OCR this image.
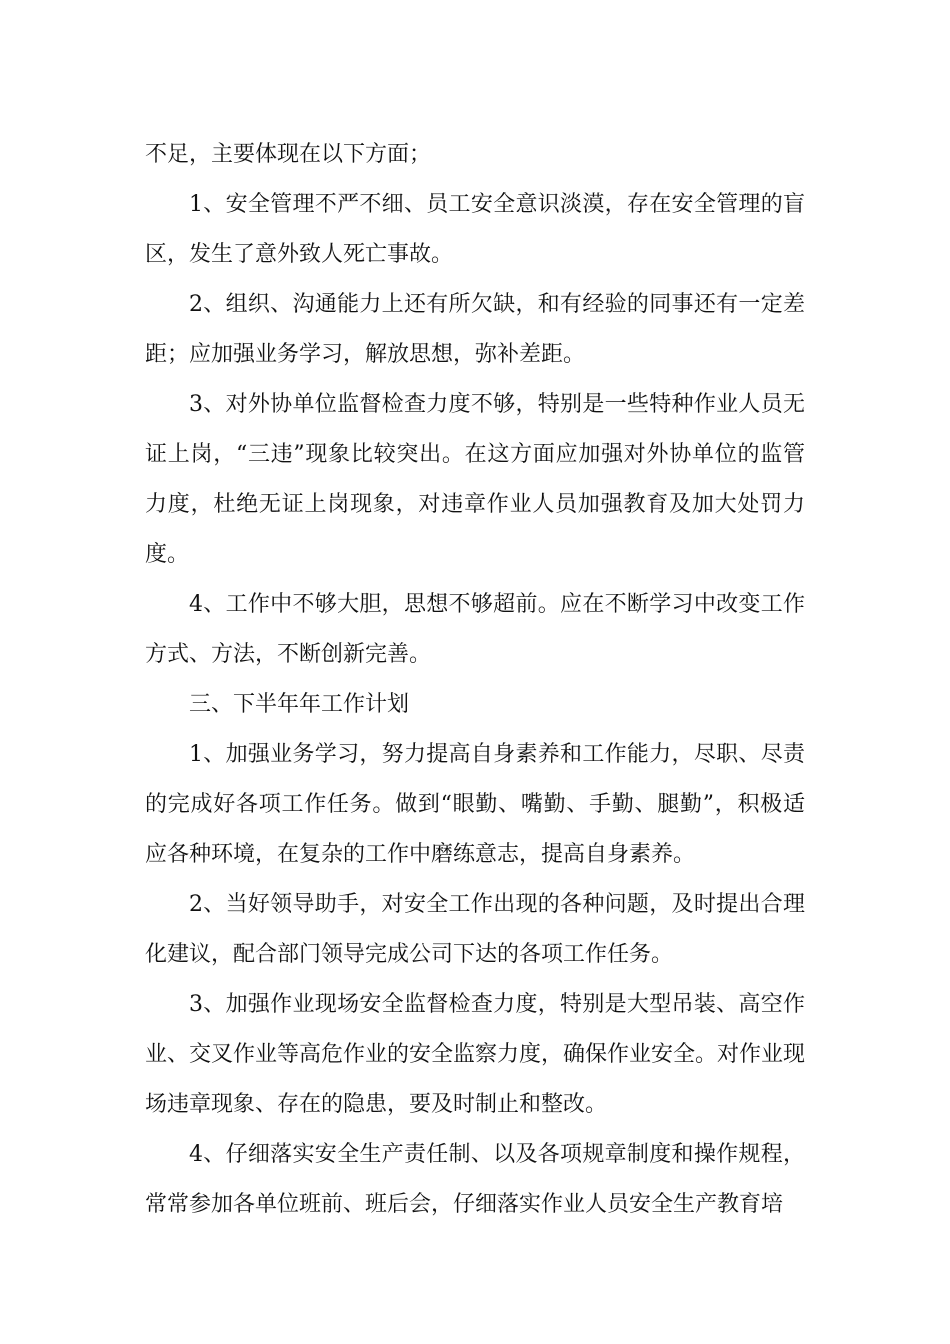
不足，主要体现在以下方面；

1、安全管理不严不细、员工安全意识淡漠，存在安全管理的盲区，发生了意外致人死亡事故。

2、组织、沟通能力上还有所欠缺，和有经验的同事还有一定差距；应加强业务学习，解放思想，弥补差距。

3、对外协单位监督检查力度不够，特别是一些特种作业人员无证上岗，“三违”现象比较突出。在这方面应加强对外协单位的监管力度，杜绝无证上岗现象，对违章作业人员加强教育及加大处罚力度。

4、工作中不够大胆，思想不够超前。应在不断学习中改变工作方式、方法，不断创新完善。

三、下半年年工作计划

1、加强业务学习，努力提高自身素养和工作能力，尽职、尽责的完成好各项工作任务。做到“眼勤、嘴勤、手勤、腿勤”，积极适应各种环境，在复杂的工作中磨练意志，提高自身素养。

2、当好领导助手，对安全工作出现的各种问题，及时提出合理化建议，配合部门领导完成公司下达的各项工作任务。

3、加强作业现场安全监督检查力度，特别是大型吊装、高空作业、交叉作业等高危作业的安全监察力度，确保作业安全。对作业现场违章现象、存在的隐患，要及时制止和整改。

4、仔细落实安全生产责任制、以及各项规章制度和操作规程，常常参加各单位班前、班后会，仔细落实作业人员安全生产教育培
